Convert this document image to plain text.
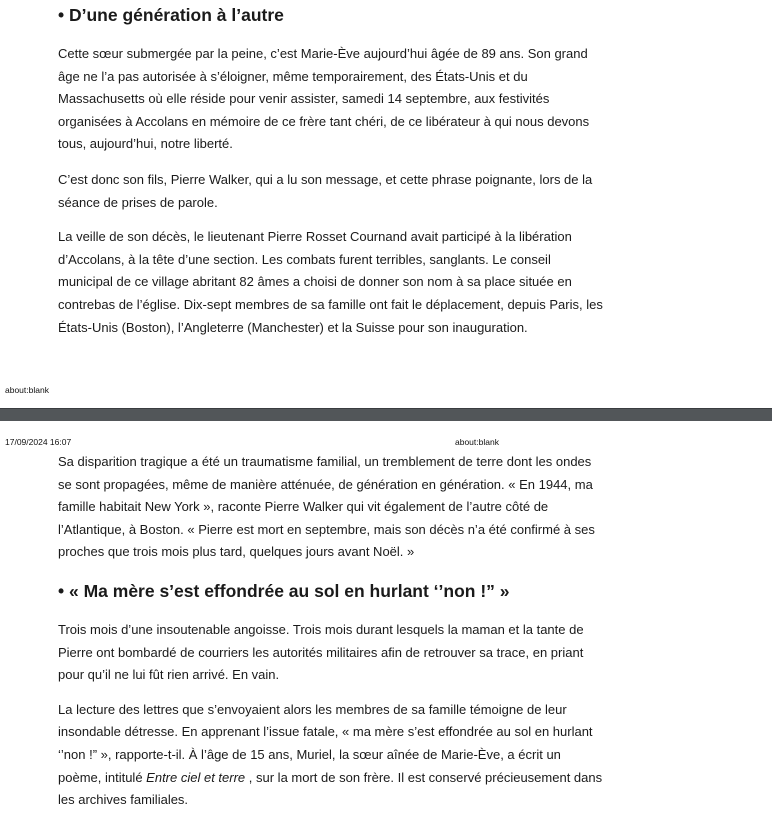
• D’une génération à l’autre

Cette sœur submergée par la peine, c’est Marie-Ève aujourd’hui âgée de 89 ans. Son grand âge ne l’a pas autorisée à s’éloigner, même temporairement, des États-Unis et du Massachusetts où elle réside pour venir assister, samedi 14 septembre, aux festivités organisées à Accolans en mémoire de ce frère tant chéri, de ce libérateur à qui nous devons tous, aujourd’hui, notre liberté.

C’est donc son fils, Pierre Walker, qui a lu son message, et cette phrase poignante, lors de la séance de prises de parole.

La veille de son décès, le lieutenant Pierre Rosset Cournand avait participé à la libération d’Accolans, à la tête d’une section. Les combats furent terribles, sanglants. Le conseil municipal de ce village abritant 82 âmes a choisi de donner son nom à sa place située en contrebas de l’église. Dix-sept membres de sa famille ont fait le déplacement, depuis Paris, les États-Unis (Boston), l’Angleterre (Manchester) et la Suisse pour son inauguration.

about:blank
17/09/2024 16:07	about:blank

Sa disparition tragique a été un traumatisme familial, un tremblement de terre dont les ondes se sont propagées, même de manière atténuée, de génération en génération. « En 1944, ma famille habitait New York », raconte Pierre Walker qui vit également de l’autre côté de l’Atlantique, à Boston. « Pierre est mort en septembre, mais son décès n’a été confirmé à ses proches que trois mois plus tard, quelques jours avant Noël. »

• « Ma mère s’est effondrée au sol en hurlant ‘’non !” »

Trois mois d’une insoutenable angoisse. Trois mois durant lesquels la maman et la tante de Pierre ont bombardé de courriers les autorités militaires afin de retrouver sa trace, en priant pour qu’il ne lui fût rien arrivé. En vain.

La lecture des lettres que s’envoyaient alors les membres de sa famille témoigne de leur insondable détresse. En apprenant l’issue fatale, « ma mère s’est effondrée au sol en hurlant ‘’non !” », rapporte-t-il. À l’âge de 15 ans, Muriel, la sœur aînée de Marie-Ève, a écrit un poème, intitulé Entre ciel et terre , sur la mort de son frère. Il est conservé précieusement dans les archives familiales.
